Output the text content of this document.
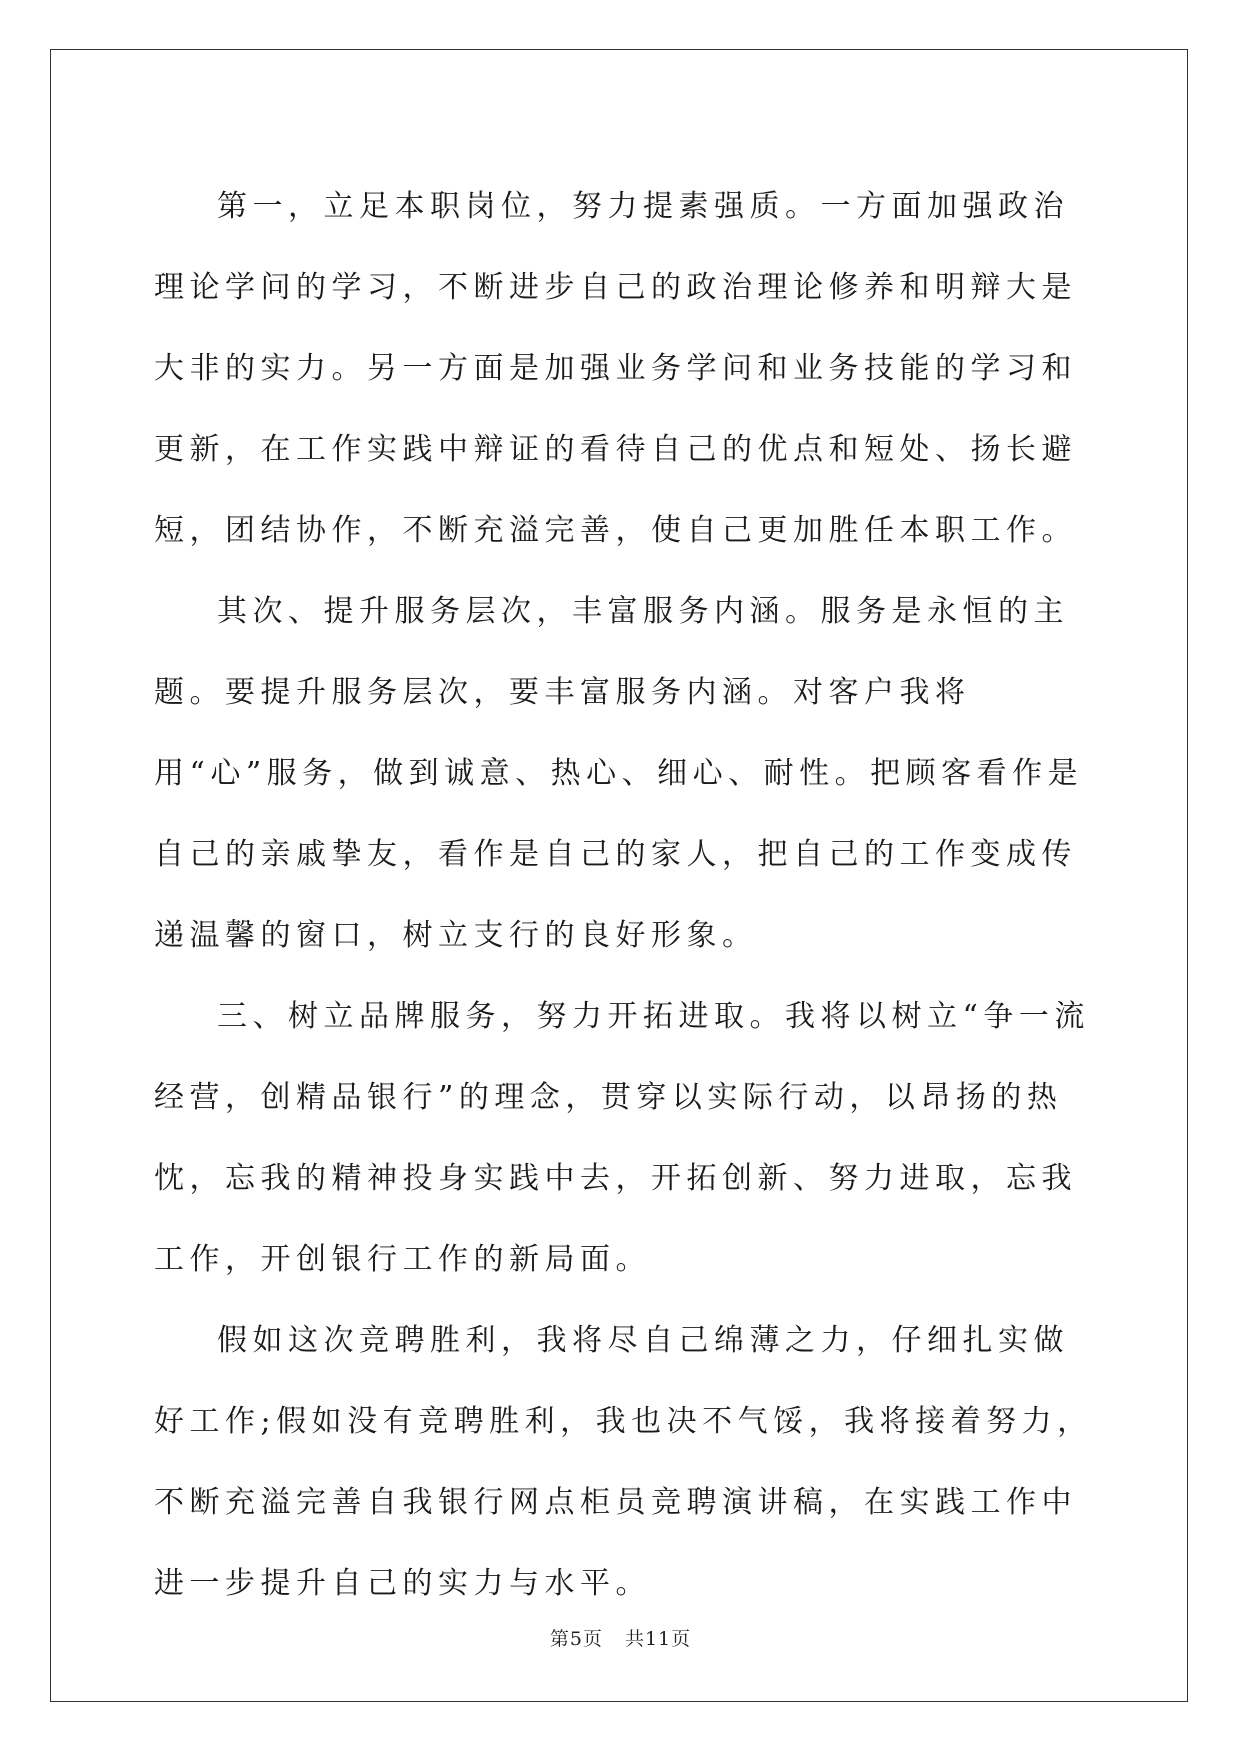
第一，立足本职岗位，努力提素强质。一方面加强政治理论学问的学习，不断进步自己的政治理论修养和明辩大是大非的实力。另一方面是加强业务学问和业务技能的学习和更新，在工作实践中辩证的看待自己的优点和短处、扬长避短，团结协作，不断充溢完善，使自己更加胜任本职工作。

其次、提升服务层次，丰富服务内涵。服务是永恒的主题。要提升服务层次，要丰富服务内涵。对客户我将用“心”服务，做到诚意、热心、细心、耐性。把顾客看作是自己的亲戚挚友，看作是自己的家人，把自己的工作变成传递温馨的窗口，树立支行的良好形象。

三、树立品牌服务，努力开拓进取。我将以树立“争一流经营，创精品银行”的理念，贯穿以实际行动，以昂扬的热忱，忘我的精神投身实践中去，开拓创新、努力进取，忘我工作，开创银行工作的新局面。

假如这次竞聘胜利，我将尽自己绵薄之力，仔细扎实做好工作;假如没有竞聘胜利，我也决不气馁，我将接着努力，不断充溢完善自我银行网点柜员竞聘演讲稿，在实践工作中进一步提升自己的实力与水平。

第5页 共11页
